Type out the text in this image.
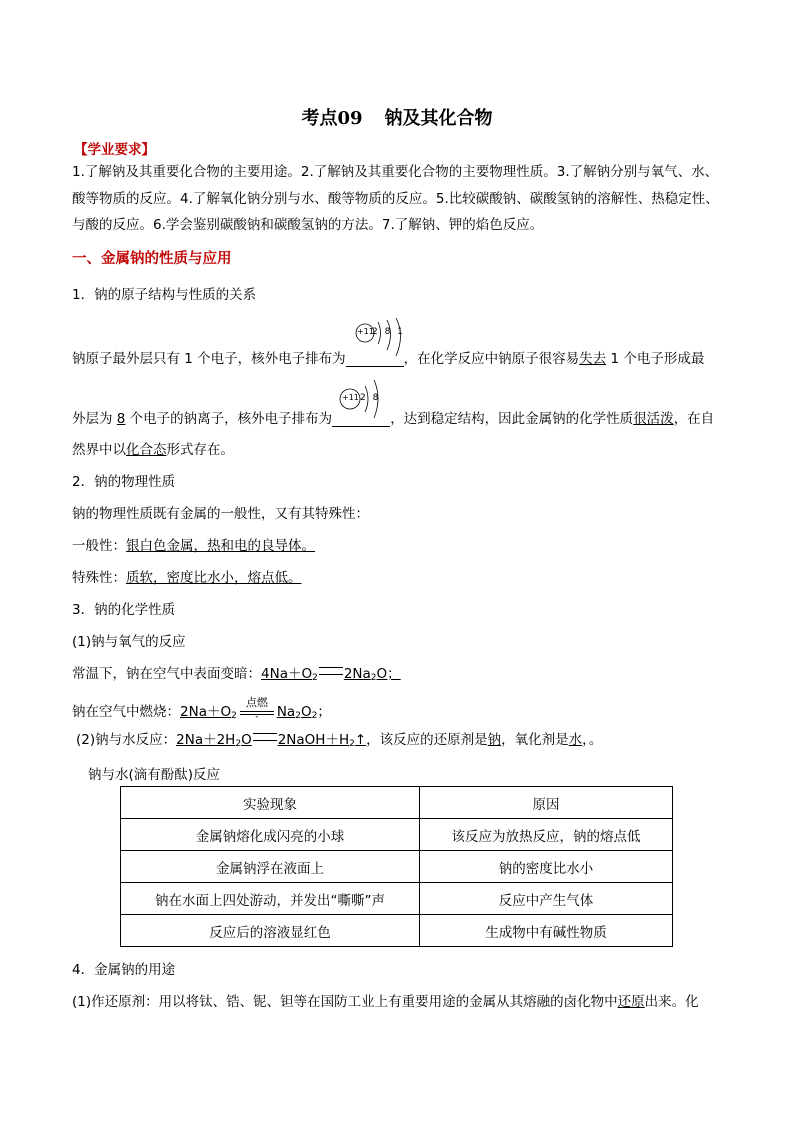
考点09 钠及其化合物
【学业要求】
1.了解钠及其重要化合物的主要用途。2.了解钠及其重要化合物的主要物理性质。3.了解钠分别与氧气、水、
酸等物质的反应。4.了解氧化钠分别与水、酸等物质的反应。5.比较碳酸钠、碳酸氢钠的溶解性、热稳定性、
与酸的反应。6.学会鉴别碳酸钠和碳酸氢钠的方法。7.了解钠、钾的焰色反应。
一、金属钠的性质与应用
1．钠的原子结构与性质的关系
+11
2 8 1
钠原子最外层只有 1 个电子，核外电子排布为	，在化学反应中钠原子很容易失去 1 个电子形成最
+11 2 8
外层为 8 个电子的钠离子，核外电子排布为	，达到稳定结构，因此金属钠的化学性质很活泼，在自
然界中以化合态形式存在。
2．钠的物理性质
钠的物理性质既有金属的一般性，又有其特殊性：
一般性：银白色金属，热和电的良导体。
特殊性：质软，密度比水小，熔点低。
3．钠的化学性质
(1)钠与氧气的反应
常温下，钠在空气中表面变暗：$4Na+O_2$ $2Na_2O$；
钠在空气中燃烧：$2Na+O_2$
点燃
-	$Na_2O_2$；
(2)钠与水反应：$2Na+2H_2O$ $2NaOH+H_2↑$，该反应的还原剂是钠，氧化剂是水，。
钠与水(滴有酚酞)反应
实验现象	原因
金属钠熔化成闪亮的小球	该反应为放热反应，钠的熔点低
金属钠浮在液面上	钠的密度比水小
钠在水面上四处游动，并发出“嘶嘶”声	反应中产生气体
反应后的溶液显红色	生成物中有碱性物质
4．金属钠的用途
(1)作还原剂：用以将钛、锆、铌、钽等在国防工业上有重要用途的金属从其熔融的卤化物中还原出来。化
